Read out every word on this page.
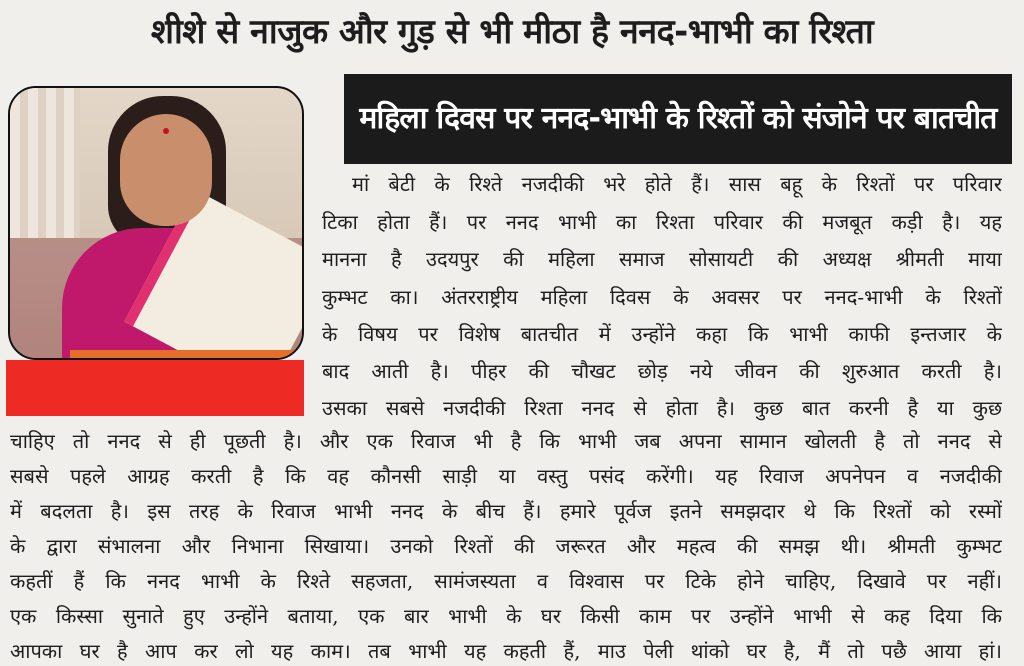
शीशे से नाजुक और गुड़ से भी मीठा है ननद-भाभी का रिश्ता
महिला दिवस पर ननद-भाभी के रिश्तों को संजोने पर बातचीत
मां बेटी के रिश्ते नजदीकी भरे होते हैं। सास बहू के रिश्तों पर परिवार
टिका होता हैं। पर ननद भाभी का रिश्ता परिवार की मजबूत कड़ी है। यह
मानना है उदयपुर की महिला समाज सोसायटी की अध्यक्ष श्रीमती माया
कुम्भट का। अंतरराष्ट्रीय महिला दिवस के अवसर पर ननद-भाभी के रिश्तों
के विषय पर विशेष बातचीत में उन्होंने कहा कि भाभी काफी इन्तजार के
बाद आती है। पीहर की चौखट छोड़ नये जीवन की शुरुआत करती है।
उसका सबसे नजदीकी रिश्ता ननद से होता है। कुछ बात करनी है या कुछ
चाहिए तो ननद से ही पूछती है। और एक रिवाज भी है कि भाभी जब अपना सामान खोलती है तो ननद से
सबसे पहले आग्रह करती है कि वह कौनसी साड़ी या वस्तु पसंद करेंगी। यह रिवाज अपनेपन व नजदीकी
में बदलता है। इस तरह के रिवाज भाभी ननद के बीच हैं। हमारे पूर्वज इतने समझदार थे कि रिश्तों को रस्मों
के द्वारा संभालना और निभाना सिखाया। उनको रिश्तों की जरूरत और महत्व की समझ थी। श्रीमती कुम्भट
कहतीं हैं कि ननद भाभी के रिश्ते सहजता, सामंजस्यता व विश्वास पर टिके होने चाहिए, दिखावे पर नहीं।
एक किस्सा सुनाते हुए उन्होंने बताया, एक बार भाभी के घर किसी काम पर उन्होंने भाभी से कह दिया कि
आपका घर है आप कर लो यह काम। तब भाभी यह कहती हैं, माउ पेली थांको घर है, मैं तो पछै आया हां।
